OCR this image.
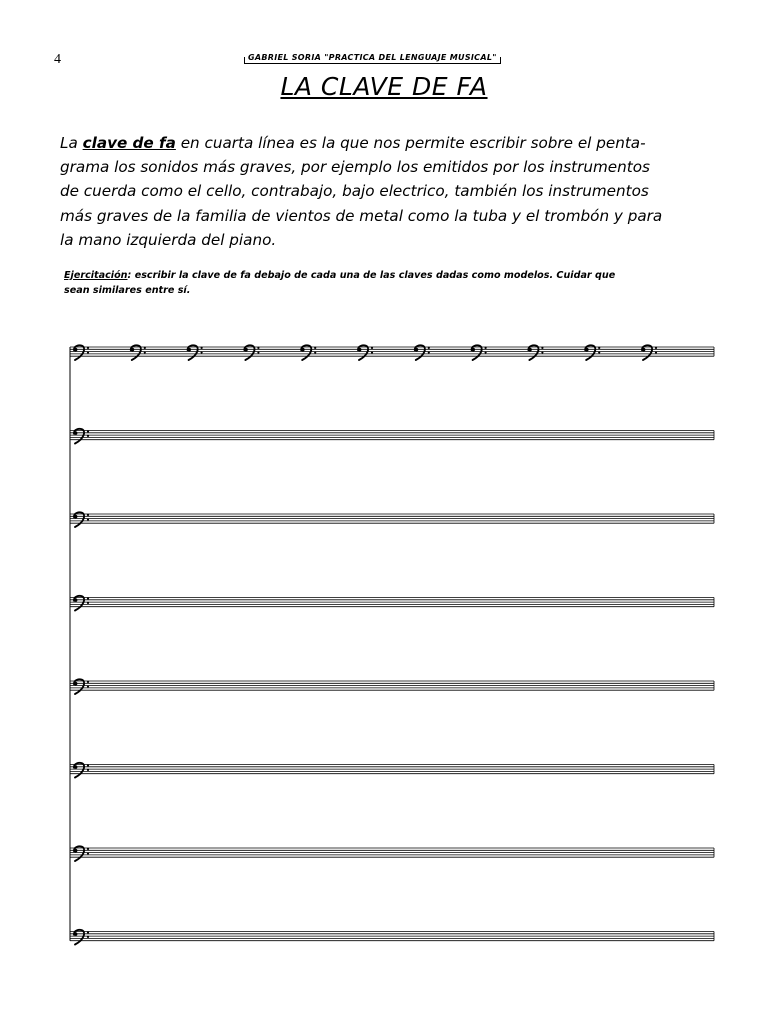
4	GABRIEL SORIA "PRACTICA DEL LENGUAJE MUSICAL"
LA CLAVE DE FA
La clave de fa en cuarta línea es la que nos permite escribir sobre el penta-
grama los sonidos más graves, por ejemplo los emitidos por los instrumentos
de cuerda como el cello, contrabajo, bajo electrico, también los instrumentos
más graves de la familia de vientos de metal como la tuba y el trombón y para
la mano izquierda del piano.
Ejercitación: escribir la clave de fa debajo de cada una de las claves dadas como modelos. Cuidar que
sean similares entre sí.
